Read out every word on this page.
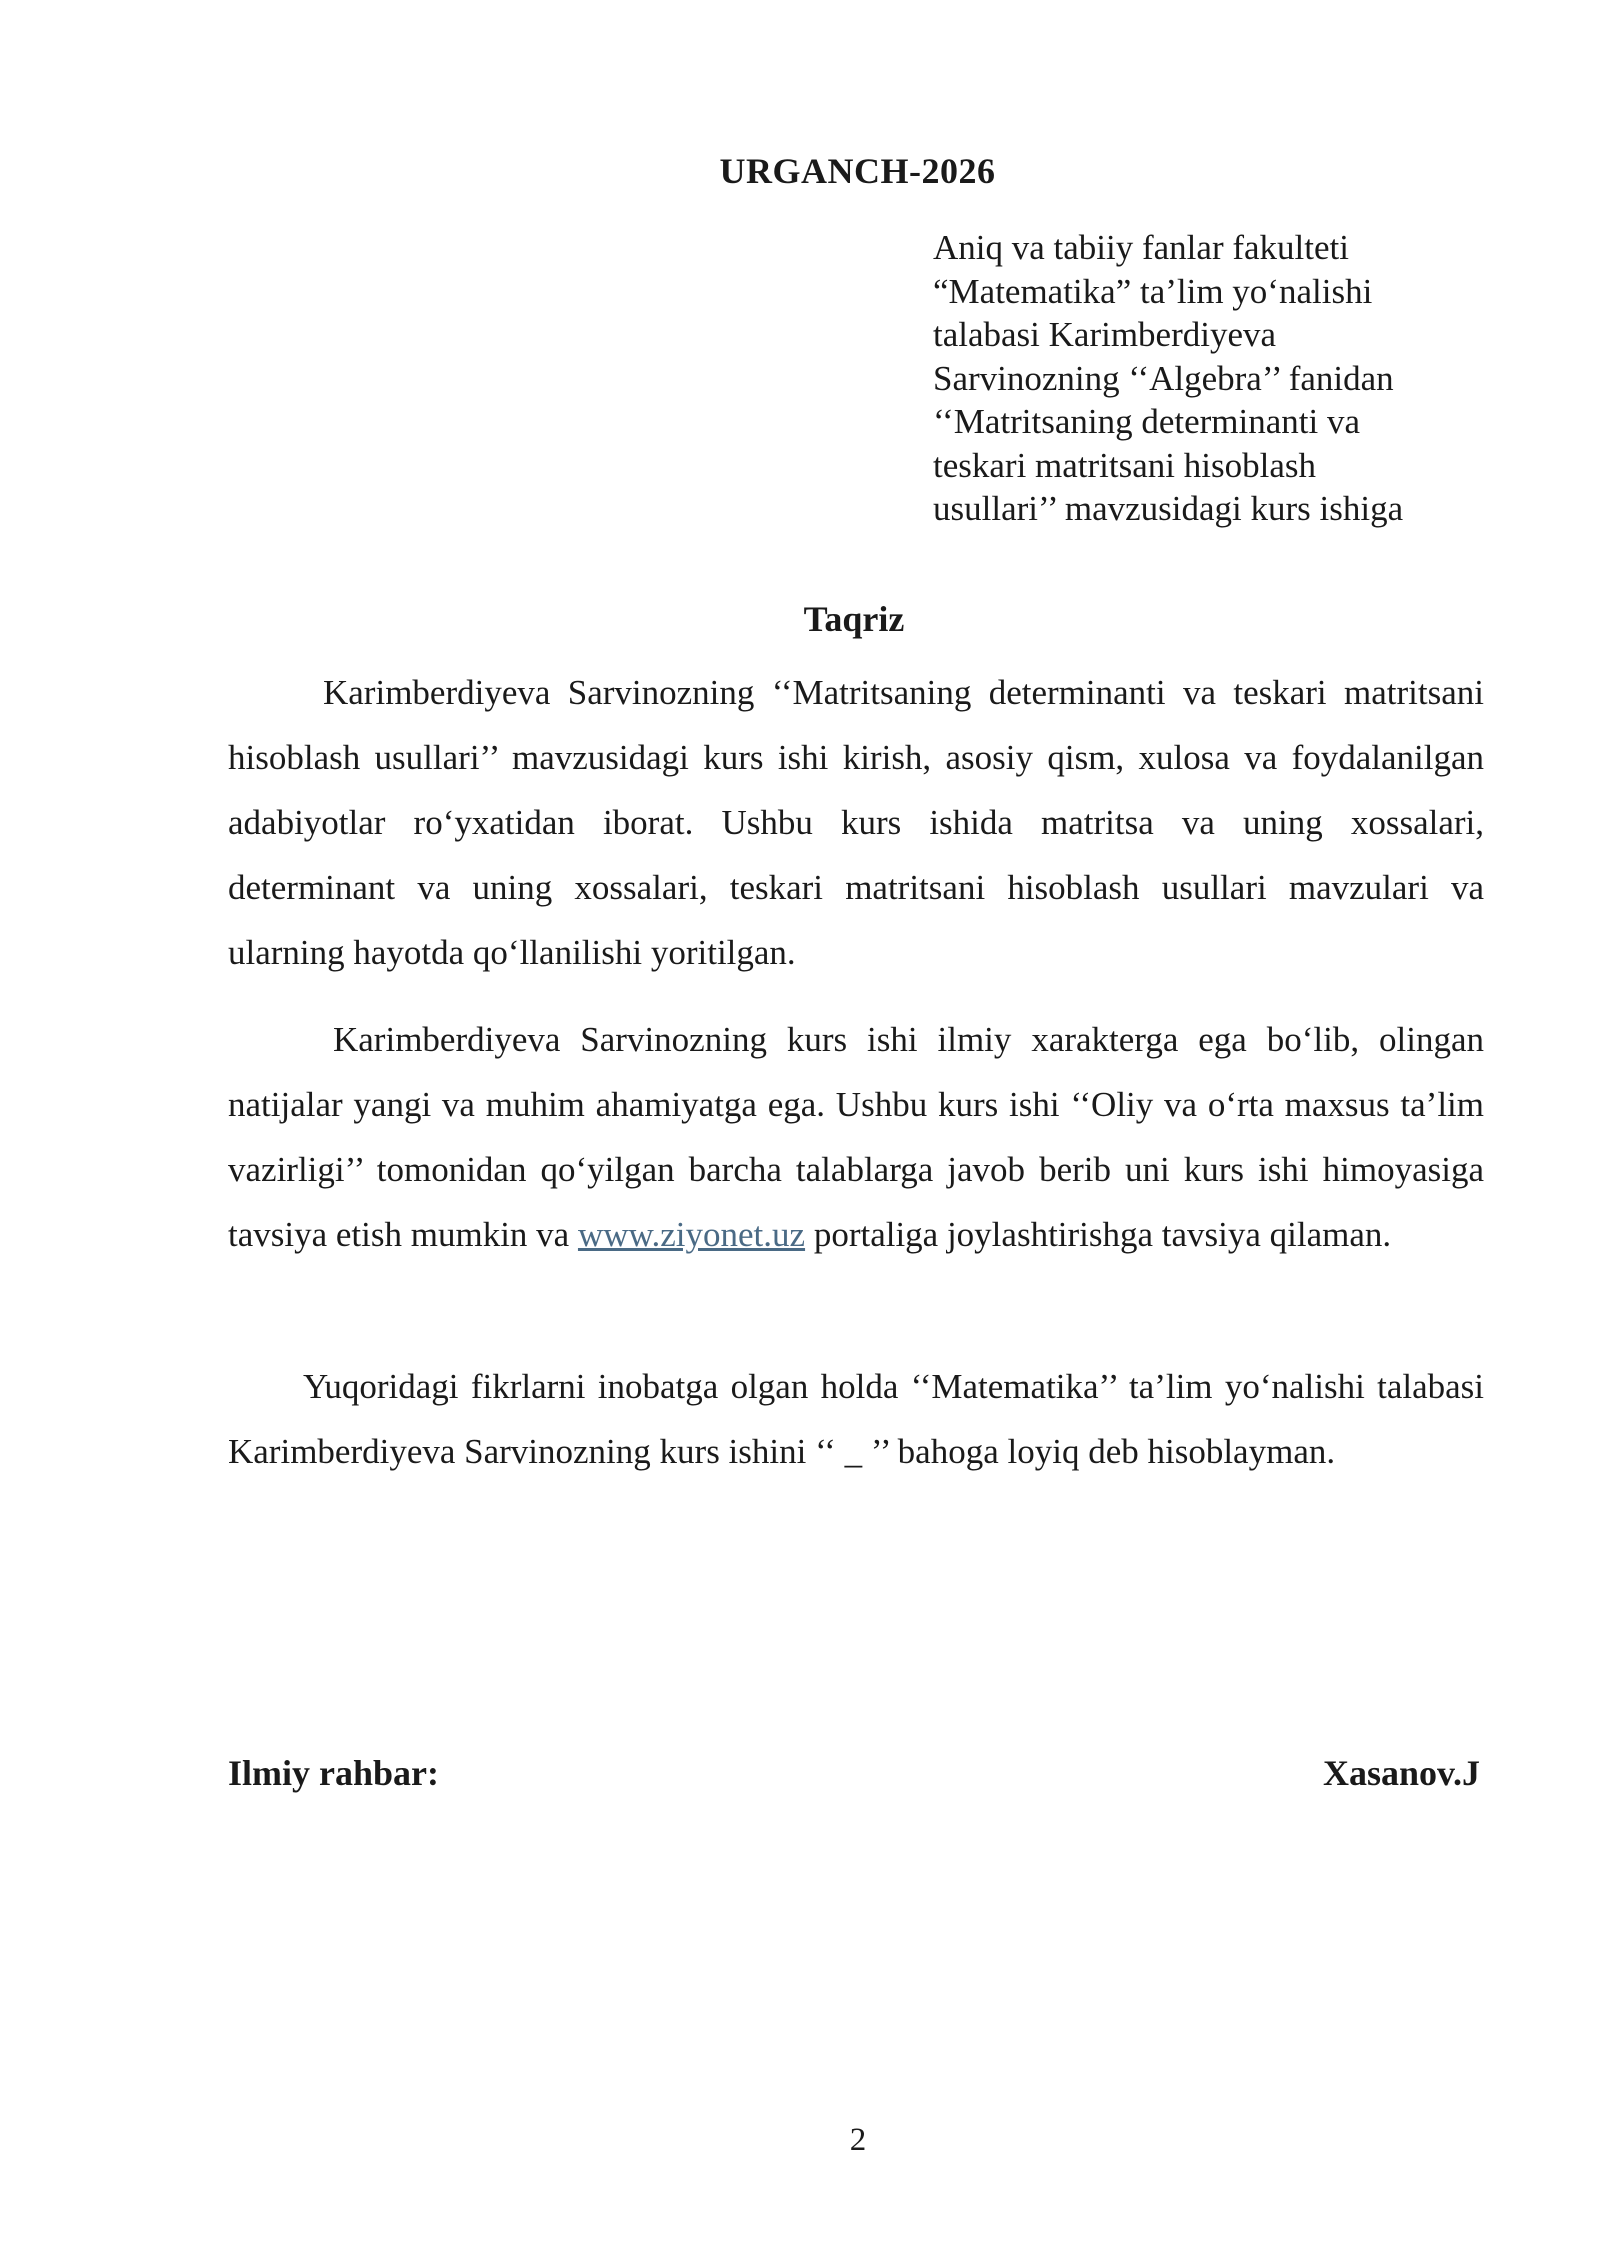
URGANCH-2026
Aniq va tabiiy fanlar fakulteti
“Matematika” ta’lim yo‘nalishi
talabasi Karimberdiyeva
Sarvinozning ‘‘Algebra’’ fanidan
‘‘Matritsaning determinanti va
teskari matritsani hisoblash
usullari’’ mavzusidagi kurs ishiga
Taqriz

Karimberdiyeva Sarvinozning ‘‘Matritsaning determinanti va teskari matritsani hisoblash usullari’’ mavzusidagi kurs ishi kirish, asosiy qism, xulosa va foydalanilgan adabiyotlar ro‘yxatidan iborat. Ushbu kurs ishida matritsa va uning xossalari, determinant va uning xossalari, teskari matritsani hisoblash usullari mavzulari va ularning hayotda qo‘llanilishi yoritilgan.

Karimberdiyeva Sarvinozning kurs ishi ilmiy xarakterga ega bo‘lib, olingan natijalar yangi va muhim ahamiyatga ega. Ushbu kurs ishi ‘‘Oliy va o‘rta maxsus ta’lim vazirligi’’ tomonidan qo‘yilgan barcha talablarga javob berib uni kurs ishi himoyasiga tavsiya etish mumkin va www.ziyonet.uz portaliga joylashtirishga tavsiya qilaman.

Yuqoridagi fikrlarni inobatga olgan holda ‘‘Matematika’’ ta’lim yo‘nalishi talabasi Karimberdiyeva Sarvinozning kurs ishini ‘‘ _ ’’ bahoga loyiq deb hisoblayman.

Ilmiy rahbar:	Xasanov.J
2
